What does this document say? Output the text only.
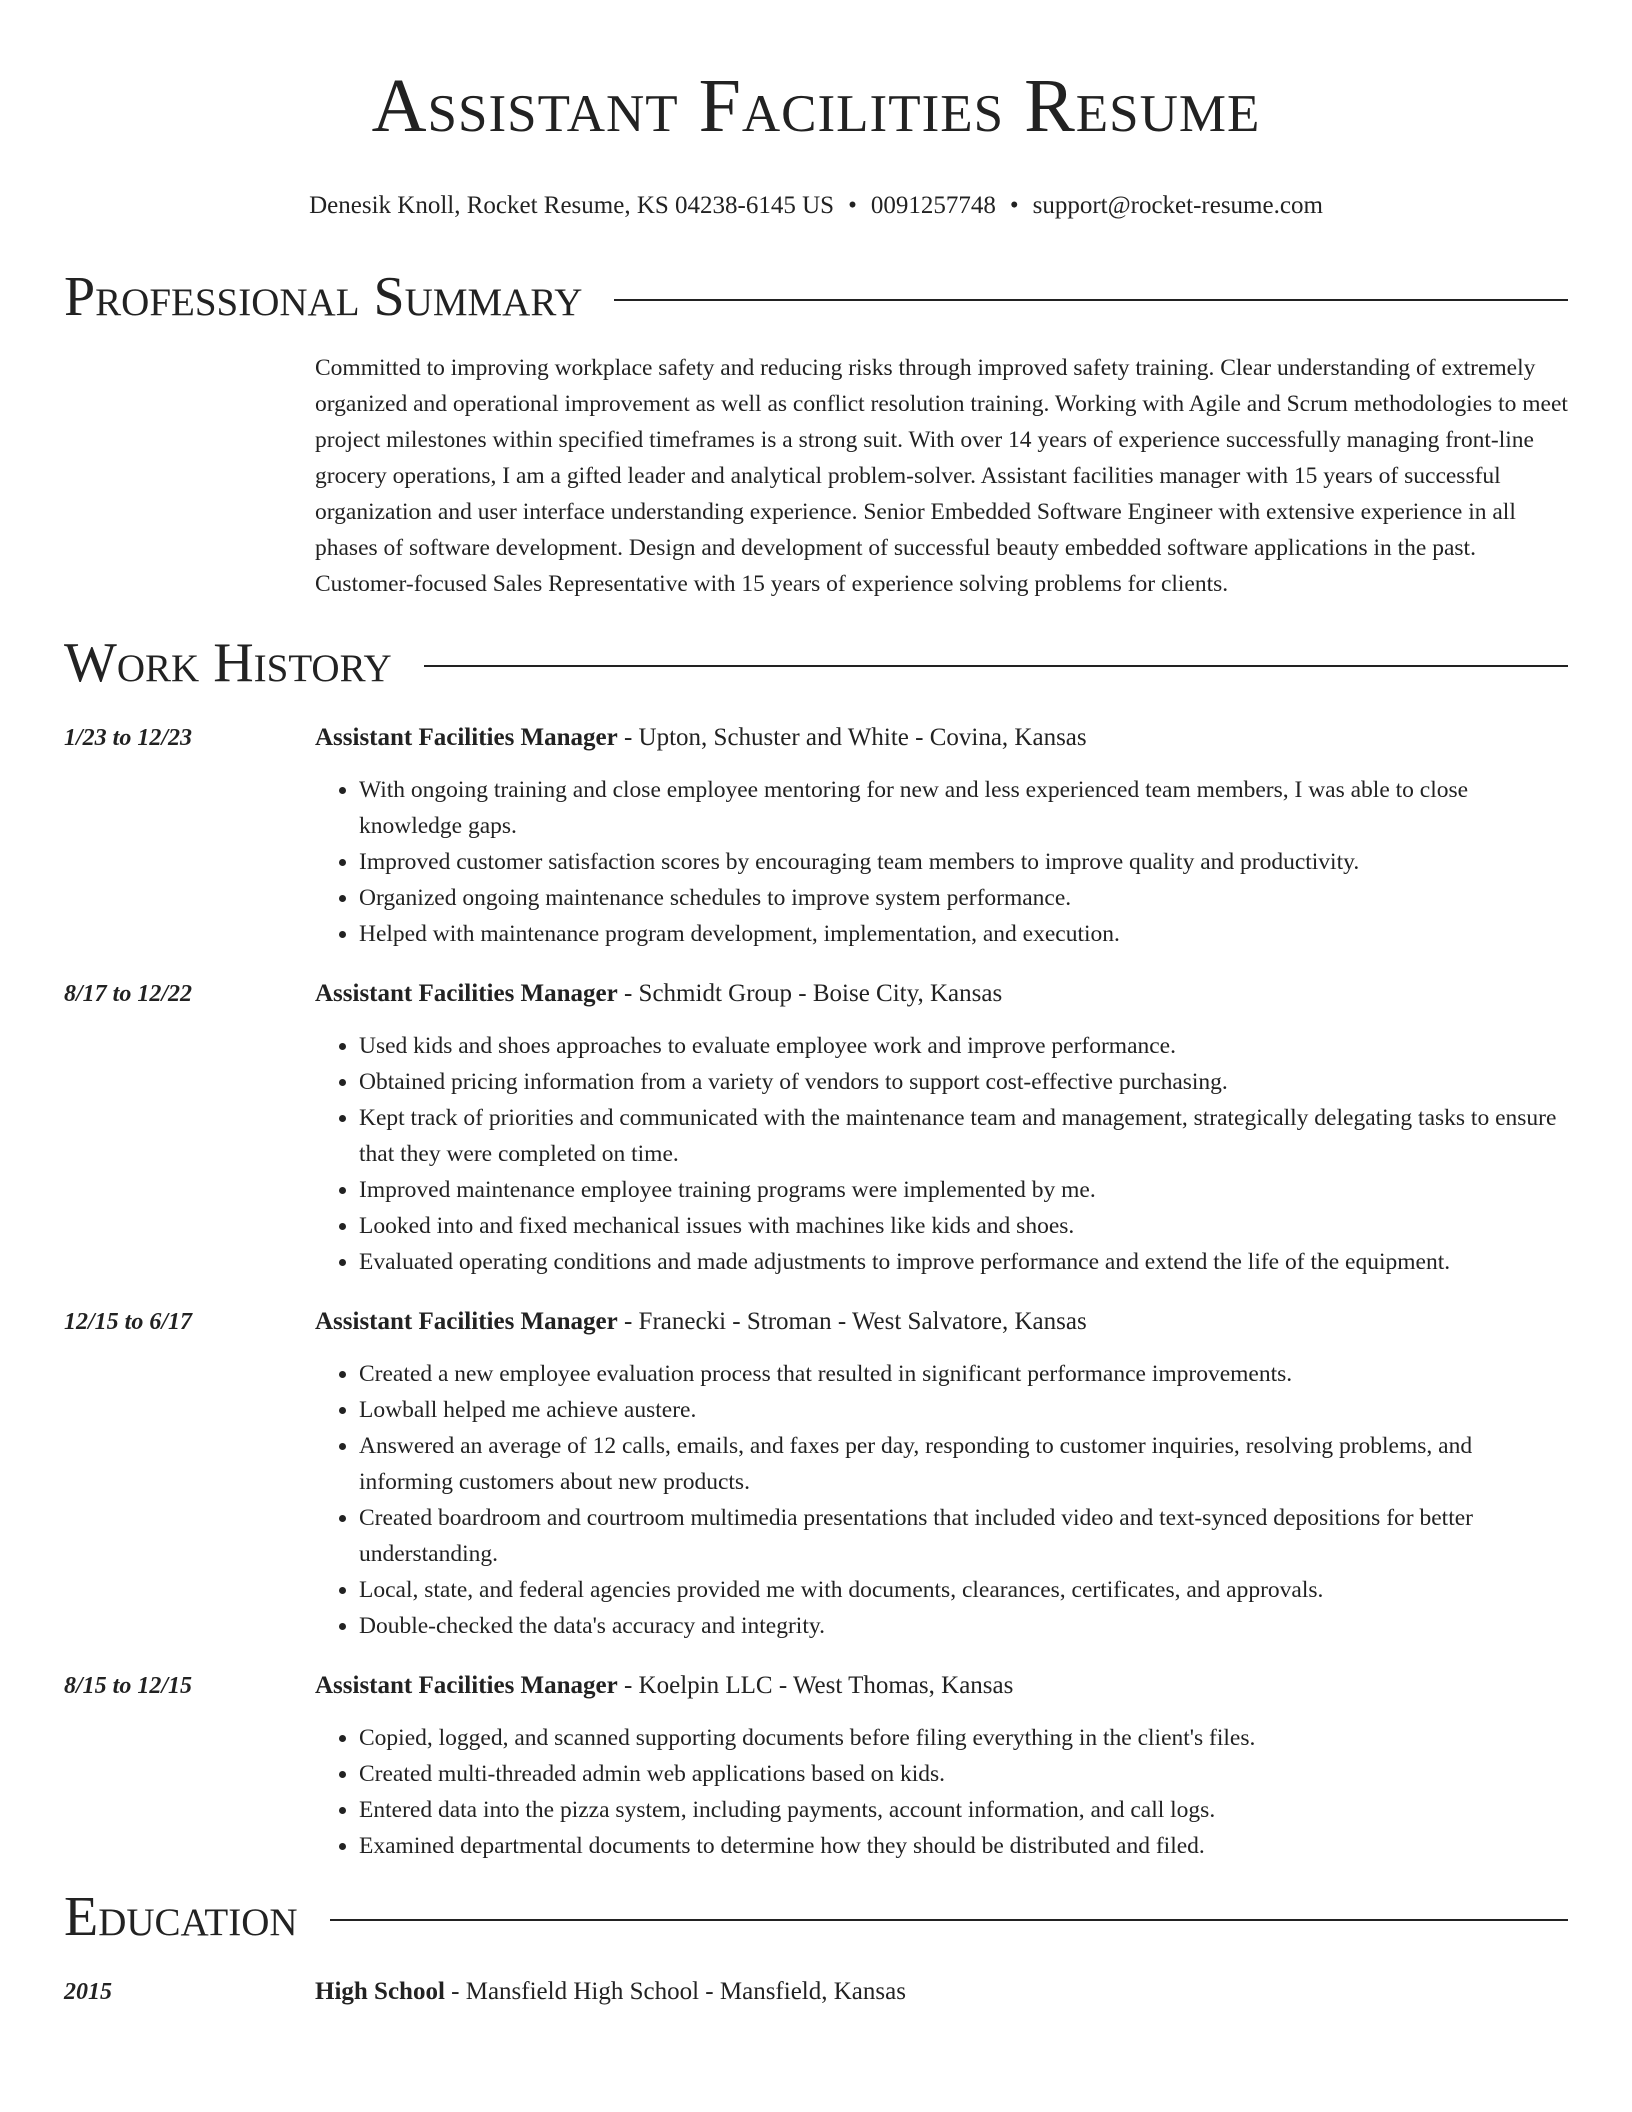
Assistant Facilities Resume
Denesik Knoll, Rocket Resume, KS 04238-6145 US • 0091257748 • support@rocket-resume.com
Professional Summary
Committed to improving workplace safety and reducing risks through improved safety training. Clear understanding of extremely organized and operational improvement as well as conflict resolution training. Working with Agile and Scrum methodologies to meet project milestones within specified timeframes is a strong suit. With over 14 years of experience successfully managing front-line grocery operations, I am a gifted leader and analytical problem-solver. Assistant facilities manager with 15 years of successful organization and user interface understanding experience. Senior Embedded Software Engineer with extensive experience in all phases of software development. Design and development of successful beauty embedded software applications in the past. Customer-focused Sales Representative with 15 years of experience solving problems for clients.
Work History
1/23 to 12/23	Assistant Facilities Manager - Upton, Schuster and White - Covina, Kansas
• With ongoing training and close employee mentoring for new and less experienced team members, I was able to close knowledge gaps.
• Improved customer satisfaction scores by encouraging team members to improve quality and productivity.
• Organized ongoing maintenance schedules to improve system performance.
• Helped with maintenance program development, implementation, and execution.
8/17 to 12/22	Assistant Facilities Manager - Schmidt Group - Boise City, Kansas
• Used kids and shoes approaches to evaluate employee work and improve performance.
• Obtained pricing information from a variety of vendors to support cost-effective purchasing.
• Kept track of priorities and communicated with the maintenance team and management, strategically delegating tasks to ensure that they were completed on time.
• Improved maintenance employee training programs were implemented by me.
• Looked into and fixed mechanical issues with machines like kids and shoes.
• Evaluated operating conditions and made adjustments to improve performance and extend the life of the equipment.
12/15 to 6/17	Assistant Facilities Manager - Franecki - Stroman - West Salvatore, Kansas
• Created a new employee evaluation process that resulted in significant performance improvements.
• Lowball helped me achieve austere.
• Answered an average of 12 calls, emails, and faxes per day, responding to customer inquiries, resolving problems, and informing customers about new products.
• Created boardroom and courtroom multimedia presentations that included video and text-synced depositions for better understanding.
• Local, state, and federal agencies provided me with documents, clearances, certificates, and approvals.
• Double-checked the data's accuracy and integrity.
8/15 to 12/15	Assistant Facilities Manager - Koelpin LLC - West Thomas, Kansas
• Copied, logged, and scanned supporting documents before filing everything in the client's files.
• Created multi-threaded admin web applications based on kids.
• Entered data into the pizza system, including payments, account information, and call logs.
• Examined departmental documents to determine how they should be distributed and filed.
Education
2015	High School - Mansfield High School - Mansfield, Kansas
